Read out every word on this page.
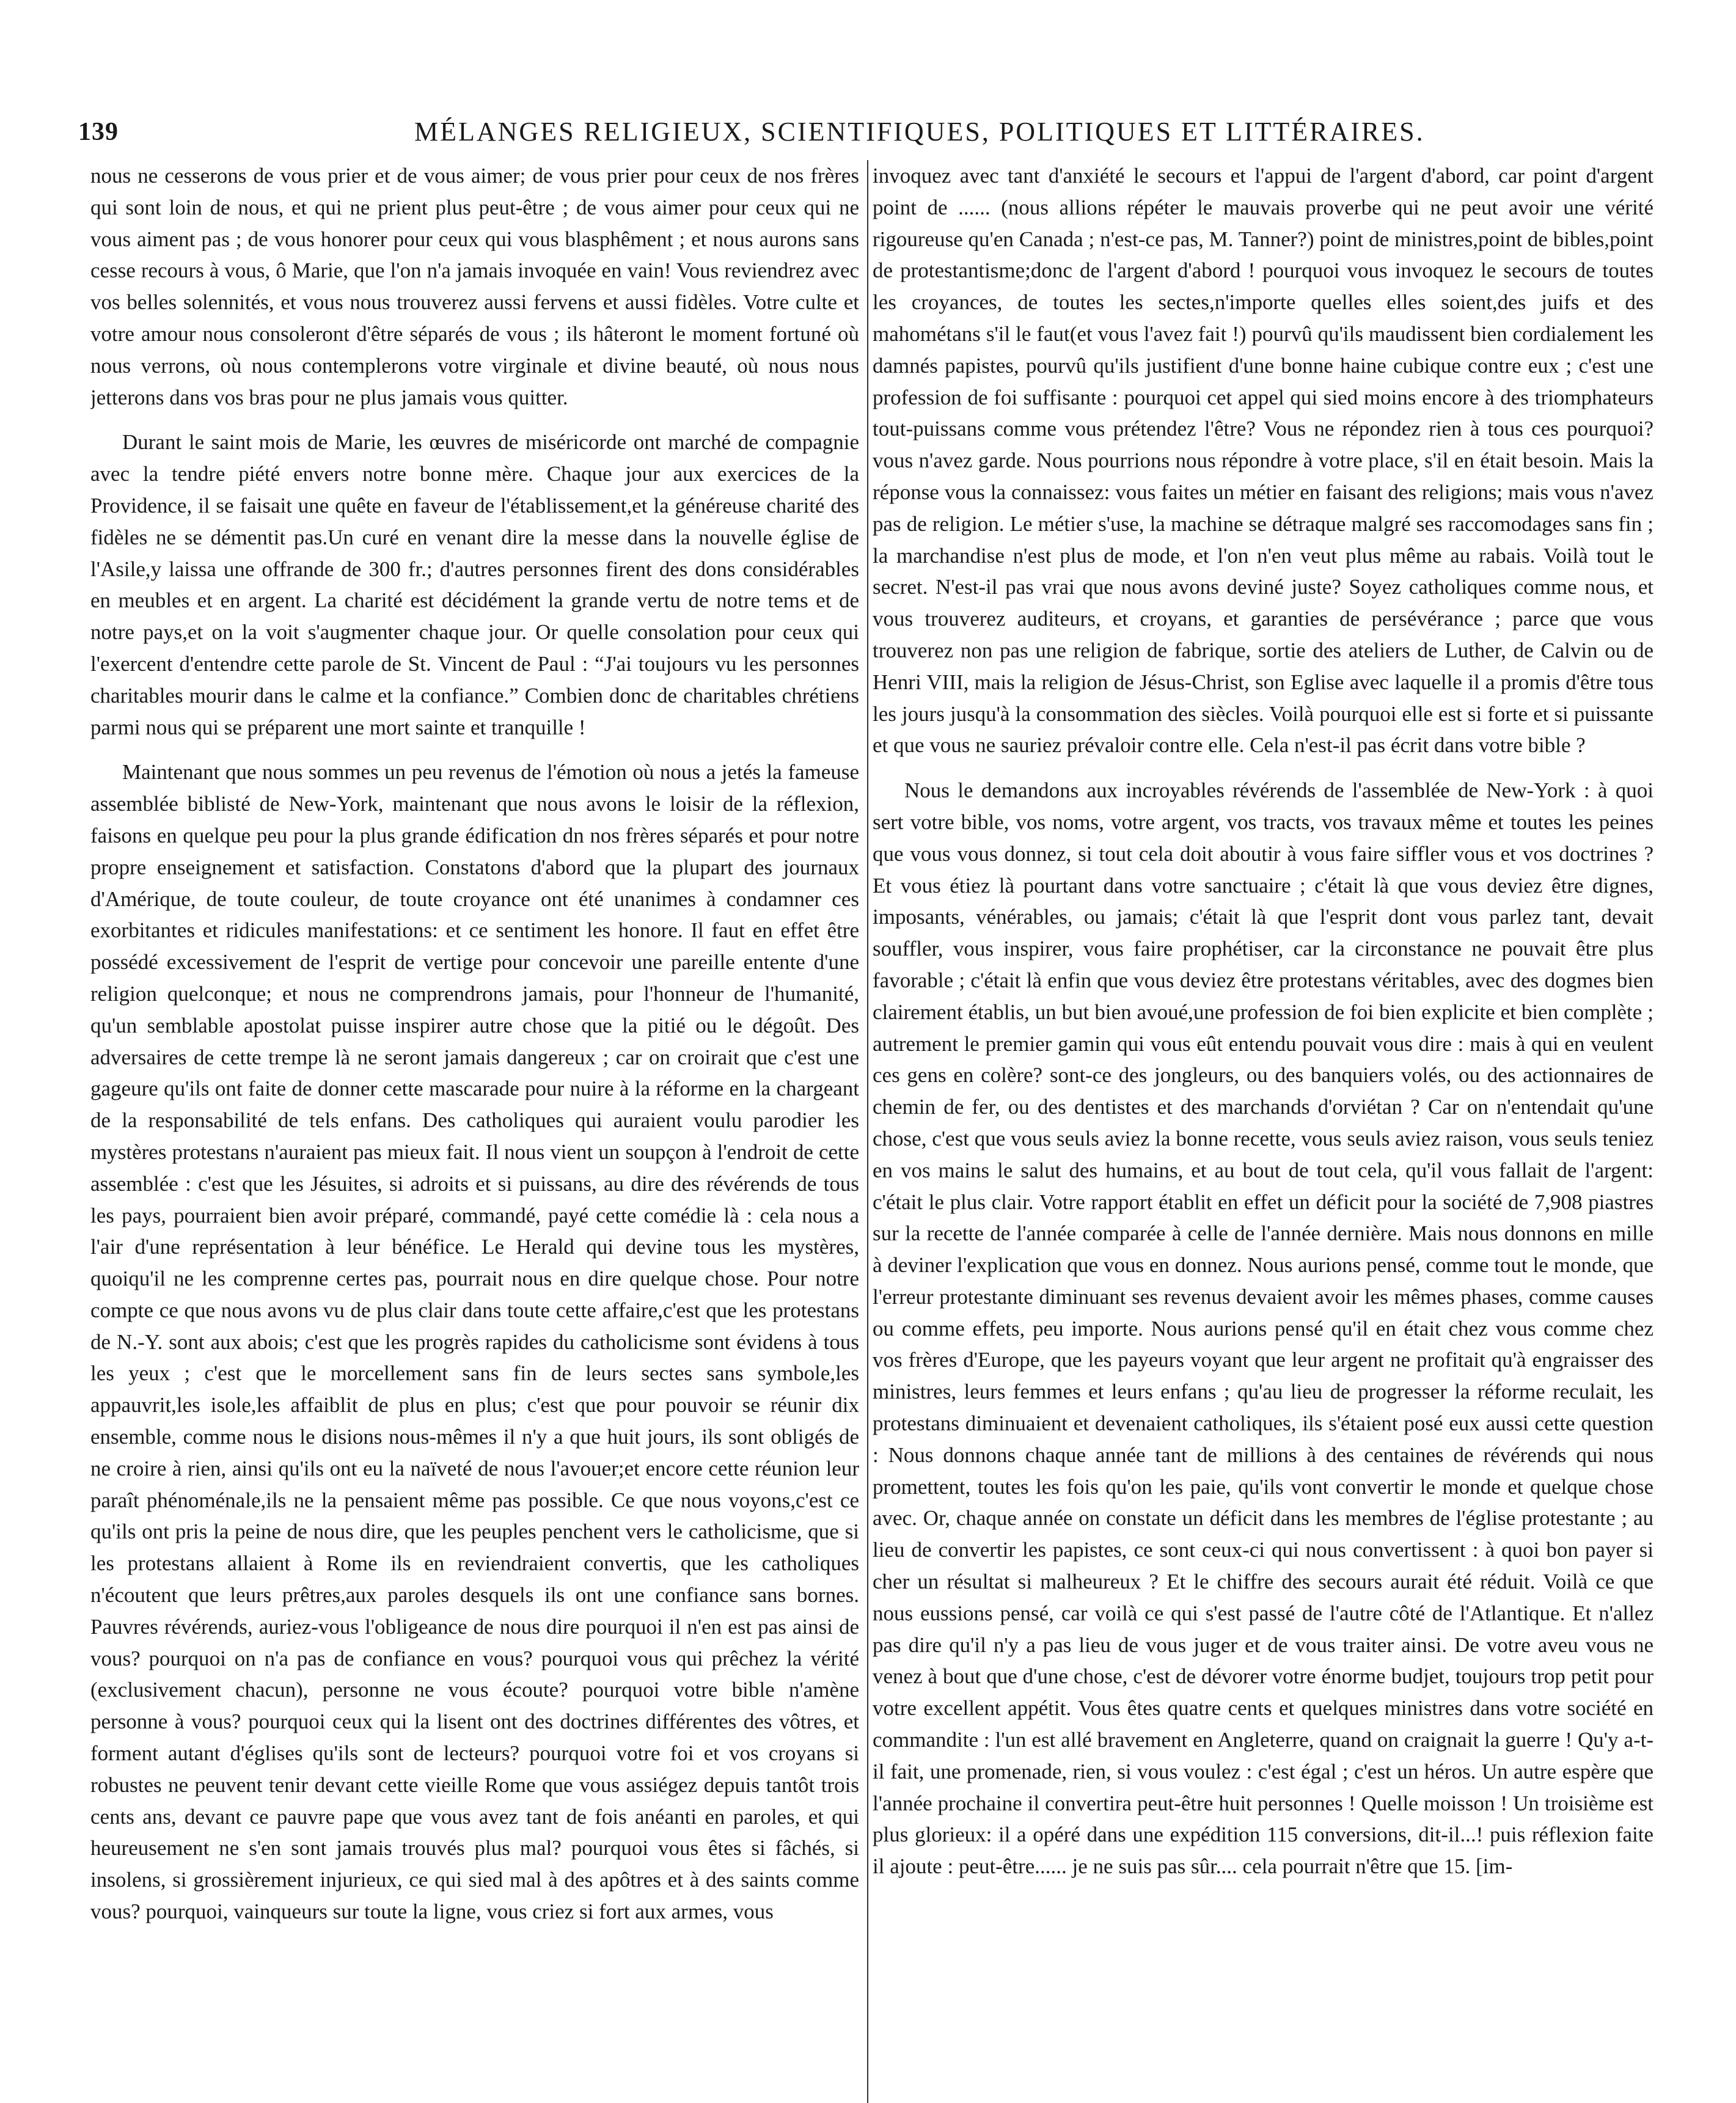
139	MÉLANGES RELIGIEUX, SCIENTIFIQUES, POLITIQUES ET LITTÉRAIRES.

nous ne cesserons de vous prier et de vous aimer; de vous prier pour ceux de nos frères qui sont loin de nous, et qui ne prient plus peut-être ; de vous aimer pour ceux qui ne vous aiment pas ; de vous honorer pour ceux qui vous blasphêment ; et nous aurons sans cesse recours à vous, ô Marie, que l'on n'a jamais invoquée en vain! Vous reviendrez avec vos belles solennités, et vous nous trouverez aussi fervens et aussi fidèles. Votre culte et votre amour nous consoleront d'être séparés de vous ; ils hâteront le moment fortuné où nous verrons, où nous contemplerons votre virginale et divine beauté, où nous nous jetterons dans vos bras pour ne plus jamais vous quitter.

Durant le saint mois de Marie, les œuvres de miséricorde ont marché de compagnie avec la tendre piété envers notre bonne mère. Chaque jour aux exercices de la Providence, il se faisait une quête en faveur de l'établissement,et la généreuse charité des fidèles ne se démentit pas.Un curé en venant dire la messe dans la nouvelle église de l'Asile,y laissa une offrande de 300 fr.; d'autres personnes firent des dons considérables en meubles et en argent. La charité est décidément la grande vertu de notre tems et de notre pays,et on la voit s'augmenter chaque jour. Or quelle consolation pour ceux qui l'exercent d'entendre cette parole de St. Vincent de Paul : “J'ai toujours vu les personnes charitables mourir dans le calme et la confiance.” Combien donc de charitables chrétiens parmi nous qui se préparent une mort sainte et tranquille !

Maintenant que nous sommes un peu revenus de l'émotion où nous a jetés la fameuse assemblée biblisté de New-York, maintenant que nous avons le loisir de la réflexion, faisons en quelque peu pour la plus grande édification dn nos frères séparés et pour notre propre enseignement et satisfaction. Constatons d'abord que la plupart des journaux d'Amérique, de toute couleur, de toute croyance ont été unanimes à condamner ces exorbitantes et ridicules manifestations: et ce sentiment les honore. Il faut en effet être possédé excessivement de l'esprit de vertige pour concevoir une pareille entente d'une religion quelconque; et nous ne comprendrons jamais, pour l'honneur de l'humanité, qu'un semblable apostolat puisse inspirer autre chose que la pitié ou le dégoût. Des adversaires de cette trempe là ne seront jamais dangereux ; car on croirait que c'est une gageure qu'ils ont faite de donner cette mascarade pour nuire à la réforme en la chargeant de la responsabilité de tels enfans. Des catholiques qui auraient voulu parodier les mystères protestans n'auraient pas mieux fait. Il nous vient un soupçon à l'endroit de cette assemblée : c'est que les Jésuites, si adroits et si puissans, au dire des révérends de tous les pays, pourraient bien avoir préparé, commandé, payé cette comédie là : cela nous a l'air d'une représentation à leur bénéfice. Le Herald qui devine tous les mystères, quoiqu'il ne les comprenne certes pas, pourrait nous en dire quelque chose. Pour notre compte ce que nous avons vu de plus clair dans toute cette affaire,c'est que les protestans de N.-Y. sont aux abois; c'est que les progrès rapides du catholicisme sont évidens à tous les yeux ; c'est que le morcellement sans fin de leurs sectes sans symbole,les appauvrit,les isole,les affaiblit de plus en plus; c'est que pour pouvoir se réunir dix ensemble, comme nous le disions nous-mêmes il n'y a que huit jours, ils sont obligés de ne croire à rien, ainsi qu'ils ont eu la naïveté de nous l'avouer;et encore cette réunion leur paraît phénoménale,ils ne la pensaient même pas possible. Ce que nous voyons,c'est ce qu'ils ont pris la peine de nous dire, que les peuples penchent vers le catholicisme, que si les protestans allaient à Rome ils en reviendraient convertis, que les catholiques n'écoutent que leurs prêtres,aux paroles desquels ils ont une confiance sans bornes. Pauvres révérends, auriez-vous l'obligeance de nous dire pourquoi il n'en est pas ainsi de vous? pourquoi on n'a pas de confiance en vous? pourquoi vous qui prêchez la vérité (exclusivement chacun), personne ne vous écoute? pourquoi votre bible n'amène personne à vous? pourquoi ceux qui la lisent ont des doctrines différentes des vôtres, et forment autant d'églises qu'ils sont de lecteurs? pourquoi votre foi et vos croyans si robustes ne peuvent tenir devant cette vieille Rome que vous assiégez depuis tantôt trois cents ans, devant ce pauvre pape que vous avez tant de fois anéanti en paroles, et qui heureusement ne s'en sont jamais trouvés plus mal? pourquoi vous êtes si fâchés, si insolens, si grossièrement injurieux, ce qui sied mal à des apôtres et à des saints comme vous? pourquoi, vainqueurs sur toute la ligne, vous criez si fort aux armes, vous

invoquez avec tant d'anxiété le secours et l'appui de l'argent d'abord, car point d'argent point de ...... (nous allions répéter le mauvais proverbe qui ne peut avoir une vérité rigoureuse qu'en Canada ; n'est-ce pas, M. Tanner?) point de ministres,point de bibles,point de protestantisme;donc de l'argent d'abord ! pourquoi vous invoquez le secours de toutes les croyances, de toutes les sectes,n'importe quelles elles soient,des juifs et des mahométans s'il le faut(et vous l'avez fait !) pourvû qu'ils maudissent bien cordialement les damnés papistes, pourvû qu'ils justifient d'une bonne haine cubique contre eux ; c'est une profession de foi suffisante : pourquoi cet appel qui sied moins encore à des triomphateurs tout-puissans comme vous prétendez l'être? Vous ne répondez rien à tous ces pourquoi? vous n'avez garde. Nous pourrions nous répondre à votre place, s'il en était besoin. Mais la réponse vous la connaissez: vous faites un métier en faisant des religions; mais vous n'avez pas de religion. Le métier s'use, la machine se détraque malgré ses raccomodages sans fin ; la marchandise n'est plus de mode, et l'on n'en veut plus même au rabais. Voilà tout le secret. N'est-il pas vrai que nous avons deviné juste? Soyez catholiques comme nous, et vous trouverez auditeurs, et croyans, et garanties de persévérance ; parce que vous trouverez non pas une religion de fabrique, sortie des ateliers de Luther, de Calvin ou de Henri VIII, mais la religion de Jésus-Christ, son Eglise avec laquelle il a promis d'être tous les jours jusqu'à la consommation des siècles. Voilà pourquoi elle est si forte et si puissante et que vous ne sauriez prévaloir contre elle. Cela n'est-il pas écrit dans votre bible ?

Nous le demandons aux incroyables révérends de l'assemblée de New-York : à quoi sert votre bible, vos noms, votre argent, vos tracts, vos travaux même et toutes les peines que vous vous donnez, si tout cela doit aboutir à vous faire siffler vous et vos doctrines ? Et vous étiez là pourtant dans votre sanctuaire ; c'était là que vous deviez être dignes, imposants, vénérables, ou jamais; c'était là que l'esprit dont vous parlez tant, devait souffler, vous inspirer, vous faire prophétiser, car la circonstance ne pouvait être plus favorable ; c'était là enfin que vous deviez être protestans véritables, avec des dogmes bien clairement établis, un but bien avoué,une profession de foi bien explicite et bien complète ; autrement le premier gamin qui vous eût entendu pouvait vous dire : mais à qui en veulent ces gens en colère? sont-ce des jongleurs, ou des banquiers volés, ou des actionnaires de chemin de fer, ou des dentistes et des marchands d'orviétan ? Car on n'entendait qu'une chose, c'est que vous seuls aviez la bonne recette, vous seuls aviez raison, vous seuls teniez en vos mains le salut des humains, et au bout de tout cela, qu'il vous fallait de l'argent: c'était le plus clair. Votre rapport établit en effet un déficit pour la société de 7,908 piastres sur la recette de l'année comparée à celle de l'année dernière. Mais nous donnons en mille à deviner l'explication que vous en donnez. Nous aurions pensé, comme tout le monde, que l'erreur protestante diminuant ses revenus devaient avoir les mêmes phases, comme causes ou comme effets, peu importe. Nous aurions pensé qu'il en était chez vous comme chez vos frères d'Europe, que les payeurs voyant que leur argent ne profitait qu'à engraisser des ministres, leurs femmes et leurs enfans ; qu'au lieu de progresser la réforme reculait, les protestans diminuaient et devenaient catholiques, ils s'étaient posé eux aussi cette question : Nous donnons chaque année tant de millions à des centaines de révérends qui nous promettent, toutes les fois qu'on les paie, qu'ils vont convertir le monde et quelque chose avec. Or, chaque année on constate un déficit dans les membres de l'église protestante ; au lieu de convertir les papistes, ce sont ceux-ci qui nous convertissent : à quoi bon payer si cher un résultat si malheureux ? Et le chiffre des secours aurait été réduit. Voilà ce que nous eussions pensé, car voilà ce qui s'est passé de l'autre côté de l'Atlantique. Et n'allez pas dire qu'il n'y a pas lieu de vous juger et de vous traiter ainsi. De votre aveu vous ne venez à bout que d'une chose, c'est de dévorer votre énorme budjet, toujours trop petit pour votre excellent appétit. Vous êtes quatre cents et quelques ministres dans votre société en commandite : l'un est allé bravement en Angleterre, quand on craignait la guerre ! Qu'y a-t-il fait, une promenade, rien, si vous voulez : c'est égal ; c'est un héros. Un autre espère que l'année prochaine il convertira peut-être huit personnes ! Quelle moisson ! Un troisième est plus glorieux: il a opéré dans une expédition 115 conversions, dit-il...! puis réflexion faite il ajoute : peut-être...... je ne suis pas sûr.... cela pourrait n'être que 15. [im-
